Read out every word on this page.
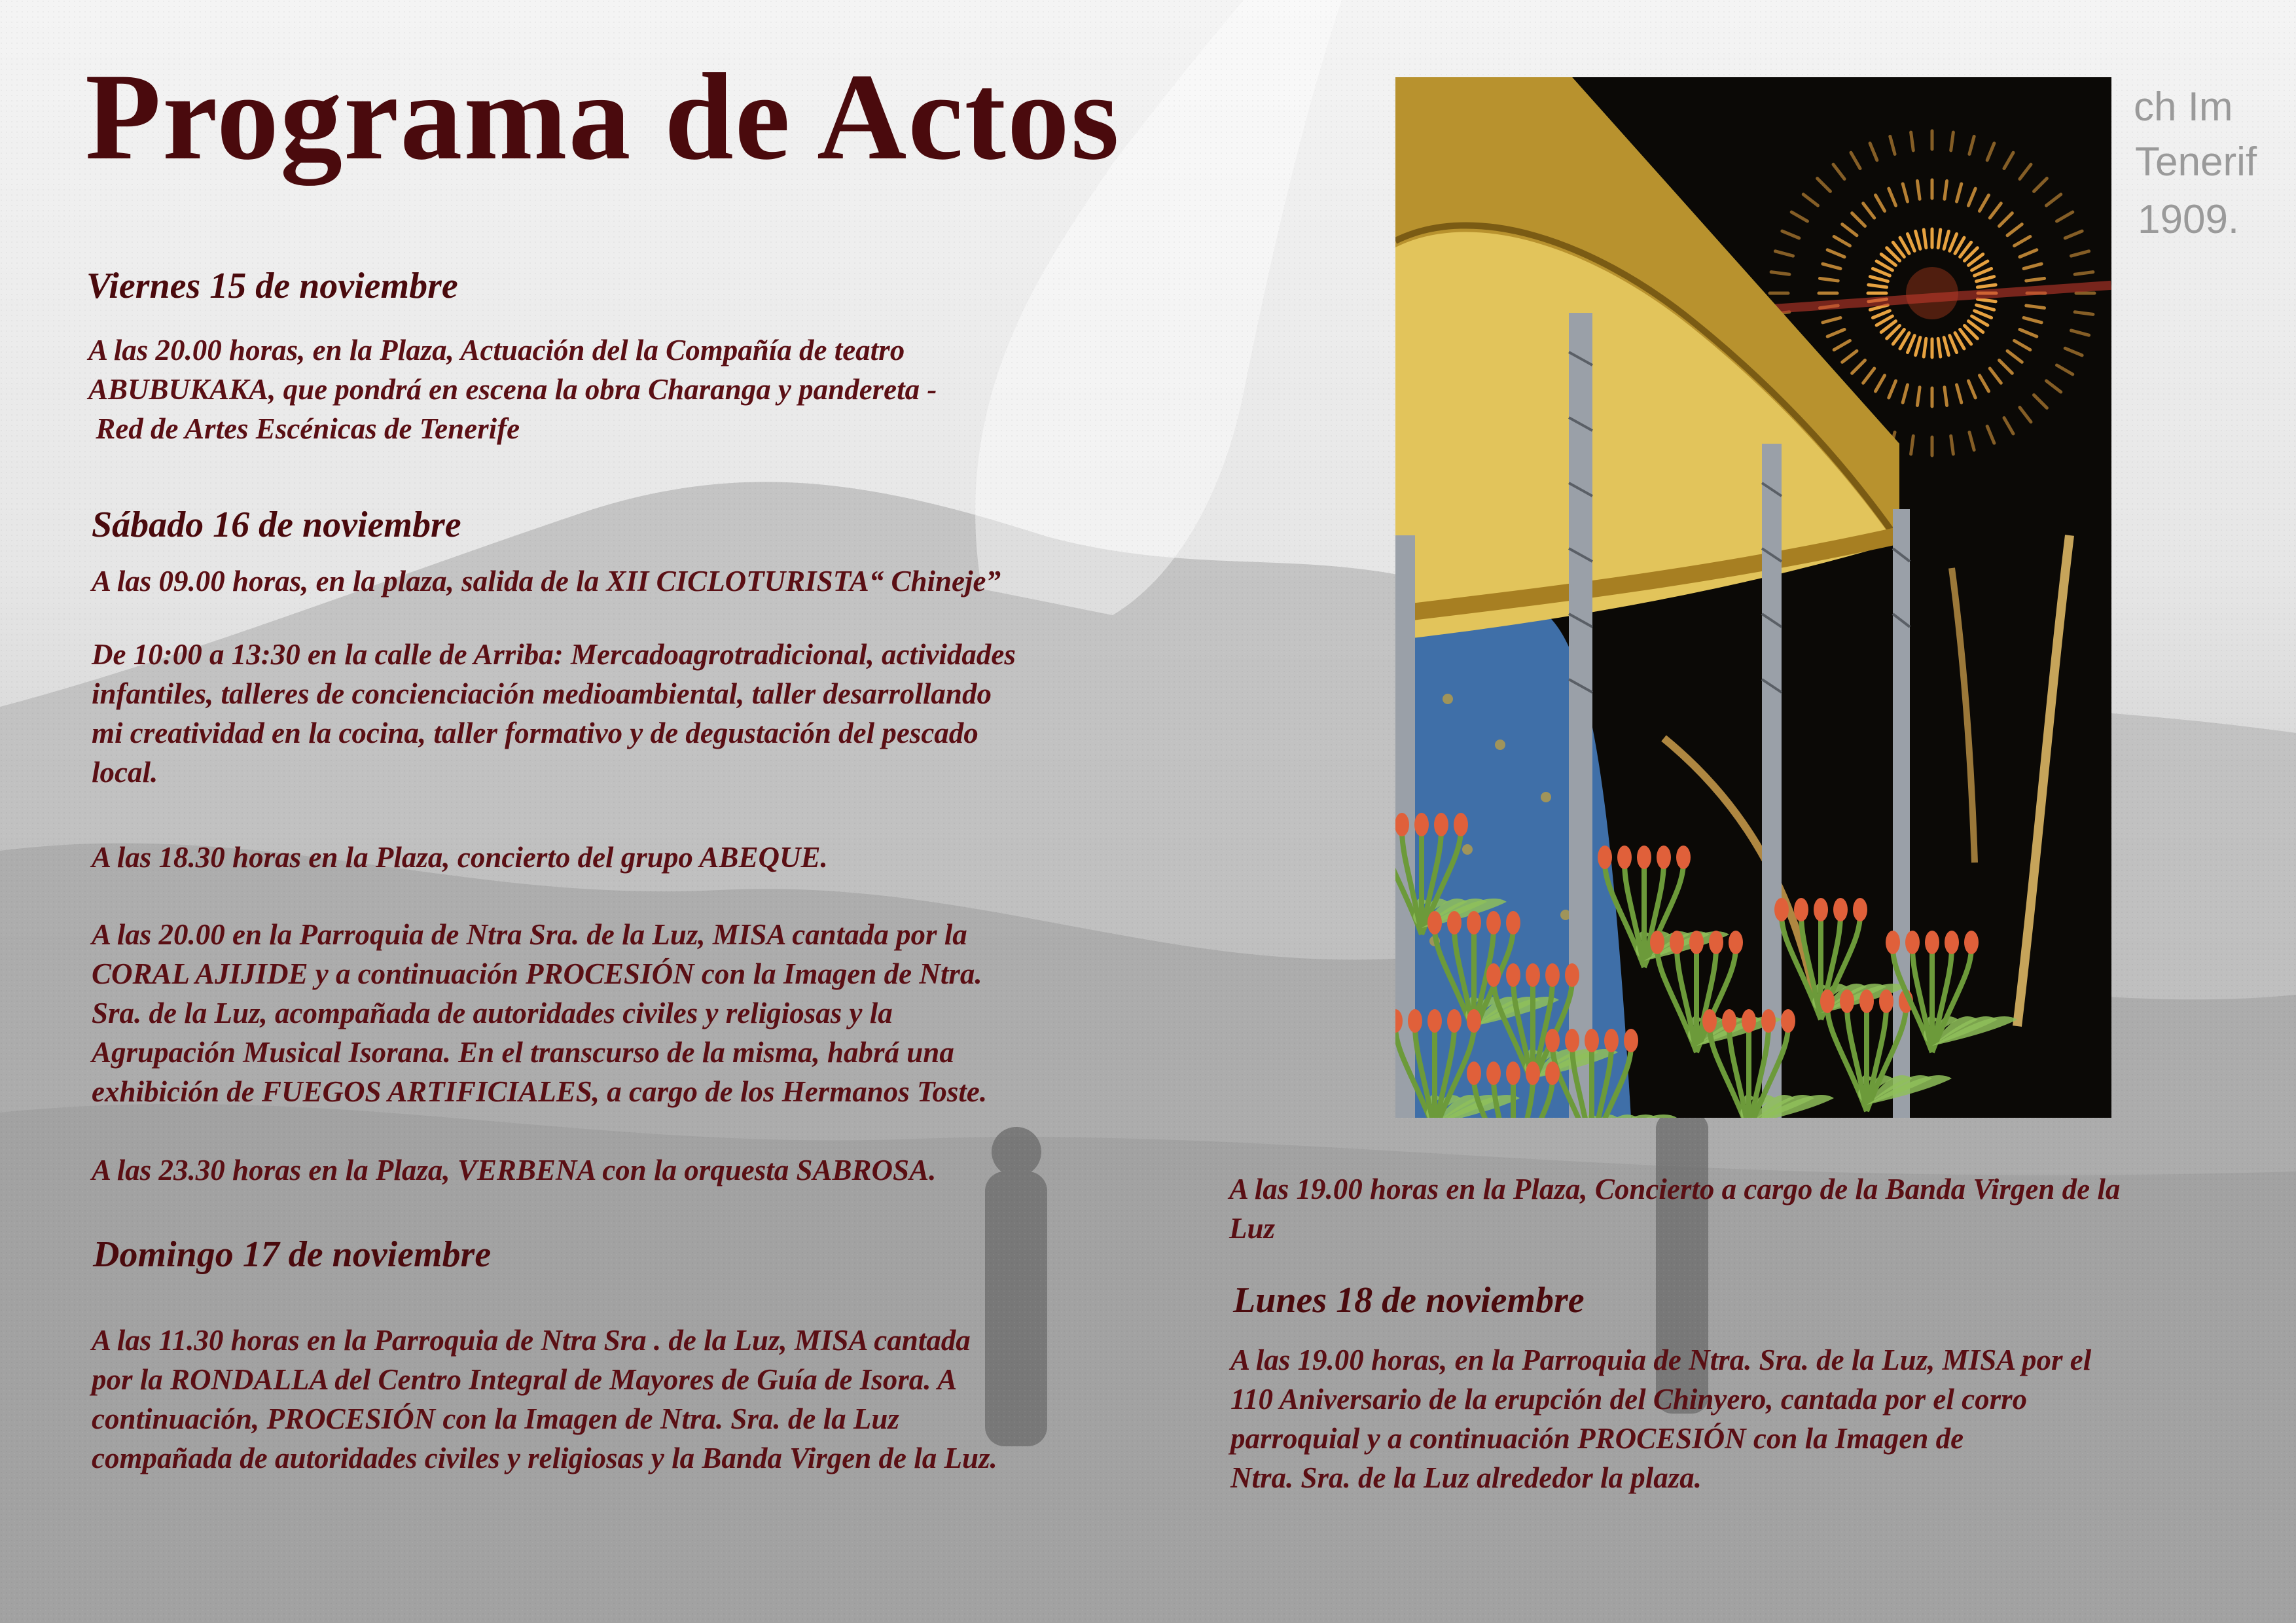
ch Im
Tenerif
1909.
Programa de Actos
Viernes 15 de noviembre
A las 20.00 horas, en la Plaza, Actuación del la Compañía de teatro
ABUBUKAKA, que pondrá en escena la obra Charanga y pandereta -
Red de Artes Escénicas de Tenerife
Sábado 16 de noviembre
A las 09.00 horas, en la plaza, salida de la XII CICLOTURISTA“ Chineje”
De 10:00 a 13:30 en la calle de Arriba: Mercadoagrotradicional, actividades
infantiles, talleres de concienciación medioambiental, taller desarrollando
mi creatividad en la cocina, taller formativo y de degustación del pescado
local.
A las 18.30 horas en la Plaza, concierto del grupo ABEQUE.
A las 20.00 en la Parroquia de Ntra Sra. de la Luz, MISA cantada por la
CORAL AJIJIDE y a continuación PROCESIÓN con la Imagen de Ntra.
Sra. de la Luz, acompañada de autoridades civiles y religiosas y la
Agrupación Musical Isorana. En el transcurso de la misma, habrá una
exhibición de FUEGOS ARTIFICIALES, a cargo de los Hermanos Toste.
A las 23.30 horas en la Plaza, VERBENA con la orquesta SABROSA.
Domingo 17 de noviembre
A las 11.30 horas en la Parroquia de Ntra Sra . de la Luz, MISA cantada
por la RONDALLA del Centro Integral de Mayores de Guía de Isora. A
continuación, PROCESIÓN con la Imagen de Ntra. Sra. de la Luz
compañada de autoridades civiles y religiosas y la Banda Virgen de la Luz.
A las 19.00 horas en la Plaza, Concierto a cargo de la Banda Virgen de la
Luz
Lunes 18 de noviembre
A las 19.00 horas, en la Parroquia de Ntra. Sra. de la Luz, MISA por el
110 Aniversario de la erupción del Chinyero, cantada por el corro
parroquial y a continuación PROCESIÓN con la Imagen de
Ntra. Sra. de la Luz alrededor la plaza.
